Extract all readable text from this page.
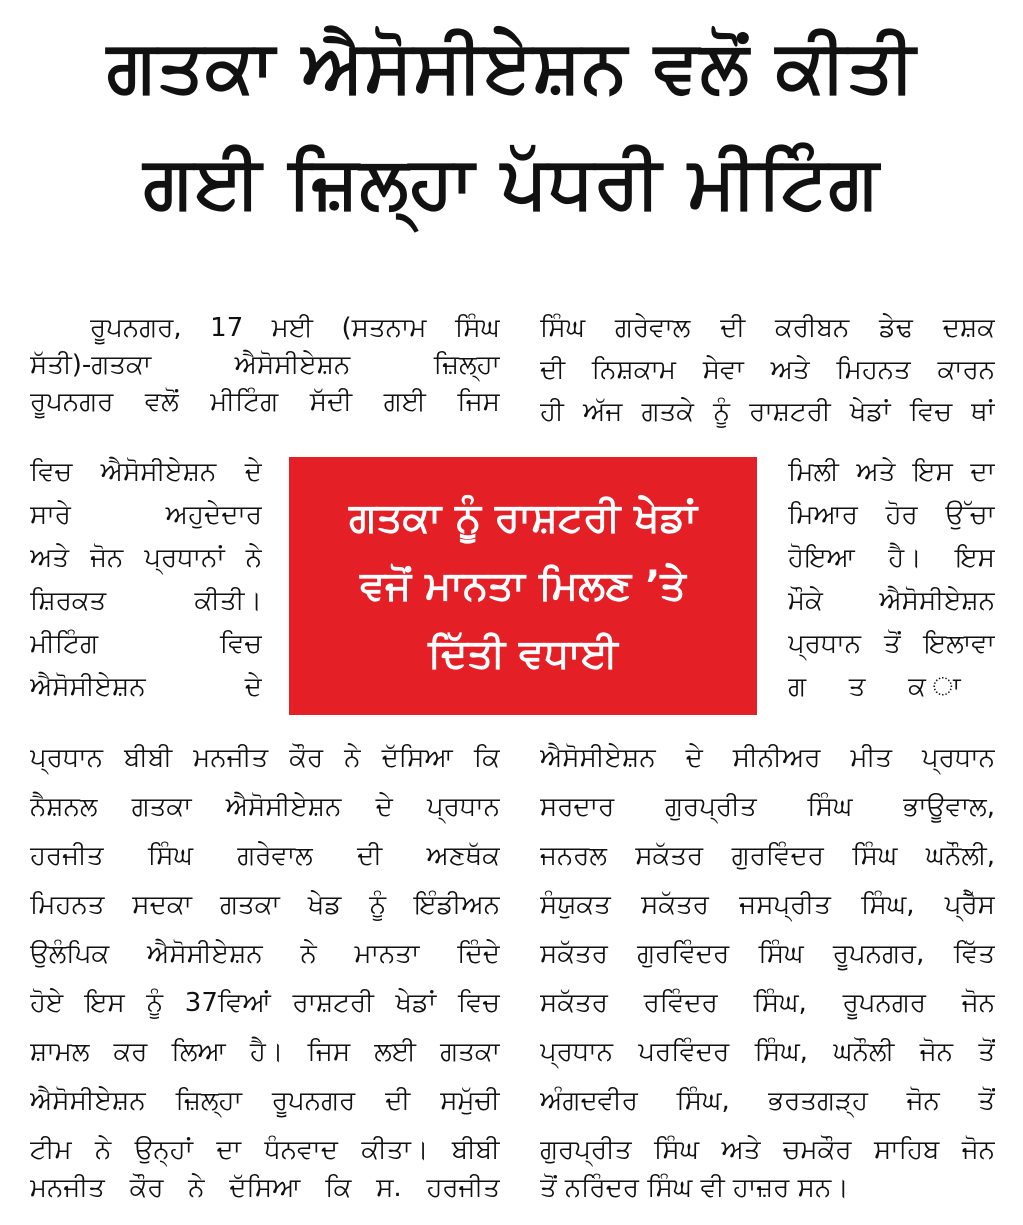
ਗਤਕਾ ਐਸੋਸੀਏਸ਼ਨ ਵਲੋਂ ਕੀਤੀ
ਗਈ ਜ਼ਿਲ੍ਹਾ ਪੱਧਰੀ ਮੀਟਿੰਗ
ਰੂਪਨਗਰ, 17 ਮਈ (ਸਤਨਾਮ ਸਿੰਘ
ਸੱਤੀ)-ਗਤਕਾ ਐਸੋਸੀਏਸ਼ਨ ਜ਼ਿਲ੍ਹਾ
ਰੂਪਨਗਰ ਵਲੋਂ ਮੀਟਿੰਗ ਸੱਦੀ ਗਈ ਜਿਸ
ਵਿਚ ਐਸੋਸੀਏਸ਼ਨ ਦੇ
ਸਾਰੇ ਅਹੁਦੇਦਾਰ
ਅਤੇ ਜੋਨ ਪ੍ਰਧਾਨਾਂ ਨੇ
ਸ਼ਿਰਕਤ ਕੀਤੀ।
ਮੀਟਿੰਗ ਵਿਚ
ਐਸੋਸੀਏਸ਼ਨ ਦੇ
ਪ੍ਰਧਾਨ ਬੀਬੀ ਮਨਜੀਤ ਕੌਰ ਨੇ ਦੱਸਿਆ ਕਿ
ਨੈਸ਼ਨਲ ਗਤਕਾ ਐਸੋਸੀਏਸ਼ਨ ਦੇ ਪ੍ਰਧਾਨ
ਹਰਜੀਤ ਸਿੰਘ ਗਰੇਵਾਲ ਦੀ ਅਣਥੱਕ
ਮਿਹਨਤ ਸਦਕਾ ਗਤਕਾ ਖੇਡ ਨੂੰ ਇੰਡੀਅਨ
ਉਲੰਪਿਕ ਐਸੋਸੀਏਸ਼ਨ ਨੇ ਮਾਨਤਾ ਦਿੰਦੇ
ਹੋਏ ਇਸ ਨੂੰ 37ਵਿਆਂ ਰਾਸ਼ਟਰੀ ਖੇਡਾਂ ਵਿਚ
ਸ਼ਾਮਲ ਕਰ ਲਿਆ ਹੈ। ਜਿਸ ਲਈ ਗਤਕਾ
ਐਸੋਸੀਏਸ਼ਨ ਜ਼ਿਲ੍ਹਾ ਰੂਪਨਗਰ ਦੀ ਸਮੁੱਚੀ
ਟੀਮ ਨੇ ਉਨ੍ਹਾਂ ਦਾ ਧੰਨਵਾਦ ਕੀਤਾ। ਬੀਬੀ
ਮਨਜੀਤ ਕੌਰ ਨੇ ਦੱਸਿਆ ਕਿ ਸ. ਹਰਜੀਤ
ਸਿੰਘ ਗਰੇਵਾਲ ਦੀ ਕਰੀਬਨ ਡੇਢ ਦਸ਼ਕ
ਦੀ ਨਿਸ਼ਕਾਮ ਸੇਵਾ ਅਤੇ ਮਿਹਨਤ ਕਾਰਨ
ਹੀ ਅੱਜ ਗਤਕੇ ਨੂੰ ਰਾਸ਼ਟਰੀ ਖੇਡਾਂ ਵਿਚ ਥਾਂ
ਮਿਲੀ ਅਤੇ ਇਸ ਦਾ
ਮਿਆਰ ਹੋਰ ਉੱਚਾ
ਹੋਇਆ ਹੈ। ਇਸ
ਮੌਕੇ ਐਸੋਸੀਏਸ਼ਨ
ਪ੍ਰਧਾਨ ਤੋਂ ਇਲਾਵਾ
ਗ ਤ ਕ ਾ
ਐਸੋਸੀਏਸ਼ਨ ਦੇ ਸੀਨੀਅਰ ਮੀਤ ਪ੍ਰਧਾਨ
ਸਰਦਾਰ ਗੁਰਪ੍ਰੀਤ ਸਿੰਘ ਭਾਊਵਾਲ,
ਜਨਰਲ ਸਕੱਤਰ ਗੁਰਵਿੰਦਰ ਸਿੰਘ ਘਨੌਲੀ,
ਸੰਯੁਕਤ ਸਕੱਤਰ ਜਸਪ੍ਰੀਤ ਸਿੰਘ, ਪ੍ਰੈੱਸ
ਸਕੱਤਰ ਗੁਰਵਿੰਦਰ ਸਿੰਘ ਰੂਪਨਗਰ, ਵਿੱਤ
ਸਕੱਤਰ ਰਵਿੰਦਰ ਸਿੰਘ, ਰੂਪਨਗਰ ਜੋਨ
ਪ੍ਰਧਾਨ ਪਰਵਿੰਦਰ ਸਿੰਘ, ਘਨੌਲੀ ਜੋਨ ਤੋਂ
ਅੰਗਦਵੀਰ ਸਿੰਘ, ਭਰਤਗੜ੍ਹ ਜੋਨ ਤੋਂ
ਗੁਰਪ੍ਰੀਤ ਸਿੰਘ ਅਤੇ ਚਮਕੌਰ ਸਾਹਿਬ ਜੋਨ
ਤੋਂ ਨਰਿੰਦਰ ਸਿੰਘ ਵੀ ਹਾਜ਼ਰ ਸਨ।
ਗਤਕਾ ਨੂੰ ਰਾਸ਼ਟਰੀ ਖੇਡਾਂ
ਵਜੋਂ ਮਾਨਤਾ ਮਿਲਣ ’ਤੇ
ਦਿੱਤੀ ਵਧਾਈ
